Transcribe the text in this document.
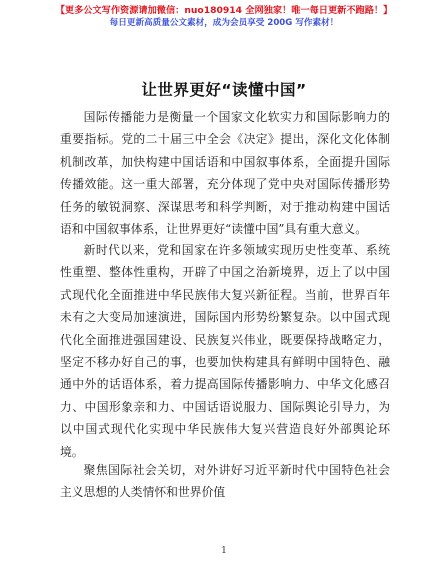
【更多公文写作资源请加微信：nuo180914 全网独家！唯一每日更新不跑路！】
每日更新高质量公文素材，成为会员享受 200G 写作素材！
让世界更好“读懂中国”

国际传播能力是衡量一个国家文化软实力和国际影响力的重要指标。党的二十届三中全会《决定》提出，深化文化体制机制改革，加快构建中国话语和中国叙事体系，全面提升国际传播效能。这一重大部署，充分体现了党中央对国际传播形势任务的敏锐洞察、深谋思考和科学判断，对于推动构建中国话语和中国叙事体系，让世界更好“读懂中国”具有重大意义。

新时代以来，党和国家在许多领域实现历史性变革、系统性重塑、整体性重构，开辟了中国之治新境界，迈上了以中国式现代化全面推进中华民族伟大复兴新征程。当前，世界百年未有之大变局加速演进，国际国内形势纷繁复杂。以中国式现代化全面推进强国建设、民族复兴伟业，既要保持战略定力，坚定不移办好自己的事，也要加快构建具有鲜明中国特色、融通中外的话语体系，着力提高国际传播影响力、中华文化感召力、中国形象亲和力、中国话语说服力、国际舆论引导力，为以中国式现代化实现中华民族伟大复兴营造良好外部舆论环境。

聚焦国际社会关切，对外讲好习近平新时代中国特色社会主义思想的人类情怀和世界价值

1
